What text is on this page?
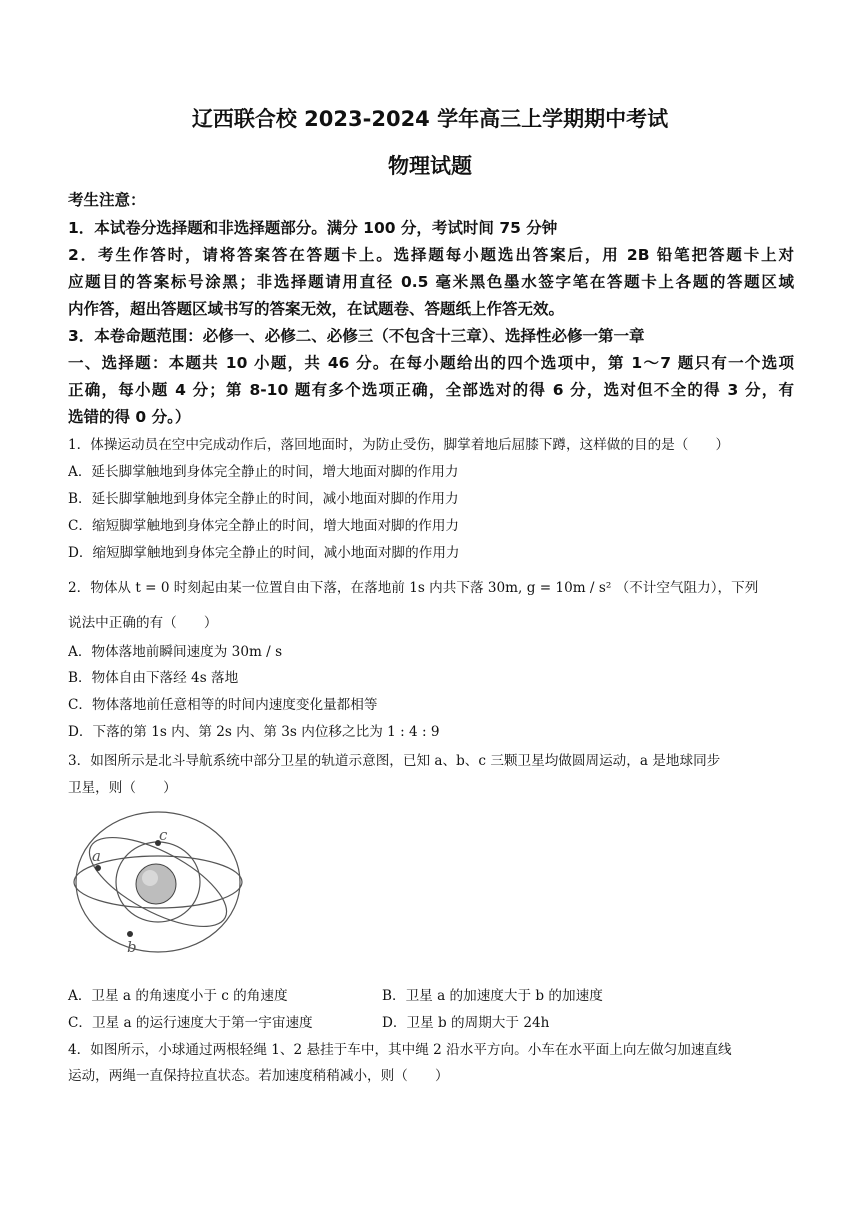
辽西联合校 2023-2024 学年高三上学期期中考试
物理试题
考生注意：
1．本试卷分选择题和非选择题部分。满分 100 分，考试时间 75 分钟
2．考生作答时，请将答案答在答题卡上。选择题每小题选出答案后，用 2B 铅笔把答题卡上对
应题目的答案标号涂黑；非选择题请用直径 0.5 毫米黑色墨水签字笔在答题卡上各题的答题区域
内作答，超出答题区域书写的答案无效，在试题卷、答题纸上作答无效。
3．本卷命题范围：必修一、必修二、必修三（不包含十三章）、选择性必修一第一章
一、选择题：本题共 10 小题，共 46 分。在每小题给出的四个选项中，第 1～7 题只有一个选项
正确，每小题 4 分；第 8-10 题有多个选项正确，全部选对的得 6 分，选对但不全的得 3 分，有
选错的得 0 分。）
1．体操运动员在空中完成动作后，落回地面时，为防止受伤，脚掌着地后屈膝下蹲，这样做的目的是（　　）
A．延长脚掌触地到身体完全静止的时间，增大地面对脚的作用力
B．延长脚掌触地到身体完全静止的时间，减小地面对脚的作用力
C．缩短脚掌触地到身体完全静止的时间，增大地面对脚的作用力
D．缩短脚掌触地到身体完全静止的时间，减小地面对脚的作用力
2．物体从 t = 0 时刻起由某一位置自由下落，在落地前 1s 内共下落 30m, g = 10m / s² （不计空气阻力），下列
说法中正确的有（　　）
A．物体落地前瞬间速度为 30m / s
B．物体自由下落经 4s 落地
C．物体落地前任意相等的时间内速度变化量都相等
D．下落的第 1s 内、第 2s 内、第 3s 内位移之比为 1 : 4 : 9
3．如图所示是北斗导航系统中部分卫星的轨道示意图，已知 a、b、c 三颗卫星均做圆周运动，a 是地球同步
卫星，则（　　）
a
c
b
A．卫星 a 的角速度小于 c 的角速度	B．卫星 a 的加速度大于 b 的加速度
C．卫星 a 的运行速度大于第一宇宙速度	D．卫星 b 的周期大于 24h
4．如图所示，小球通过两根轻绳 1、2 悬挂于车中，其中绳 2 沿水平方向。小车在水平面上向左做匀加速直线
运动，两绳一直保持拉直状态。若加速度稍稍减小，则（　　）
